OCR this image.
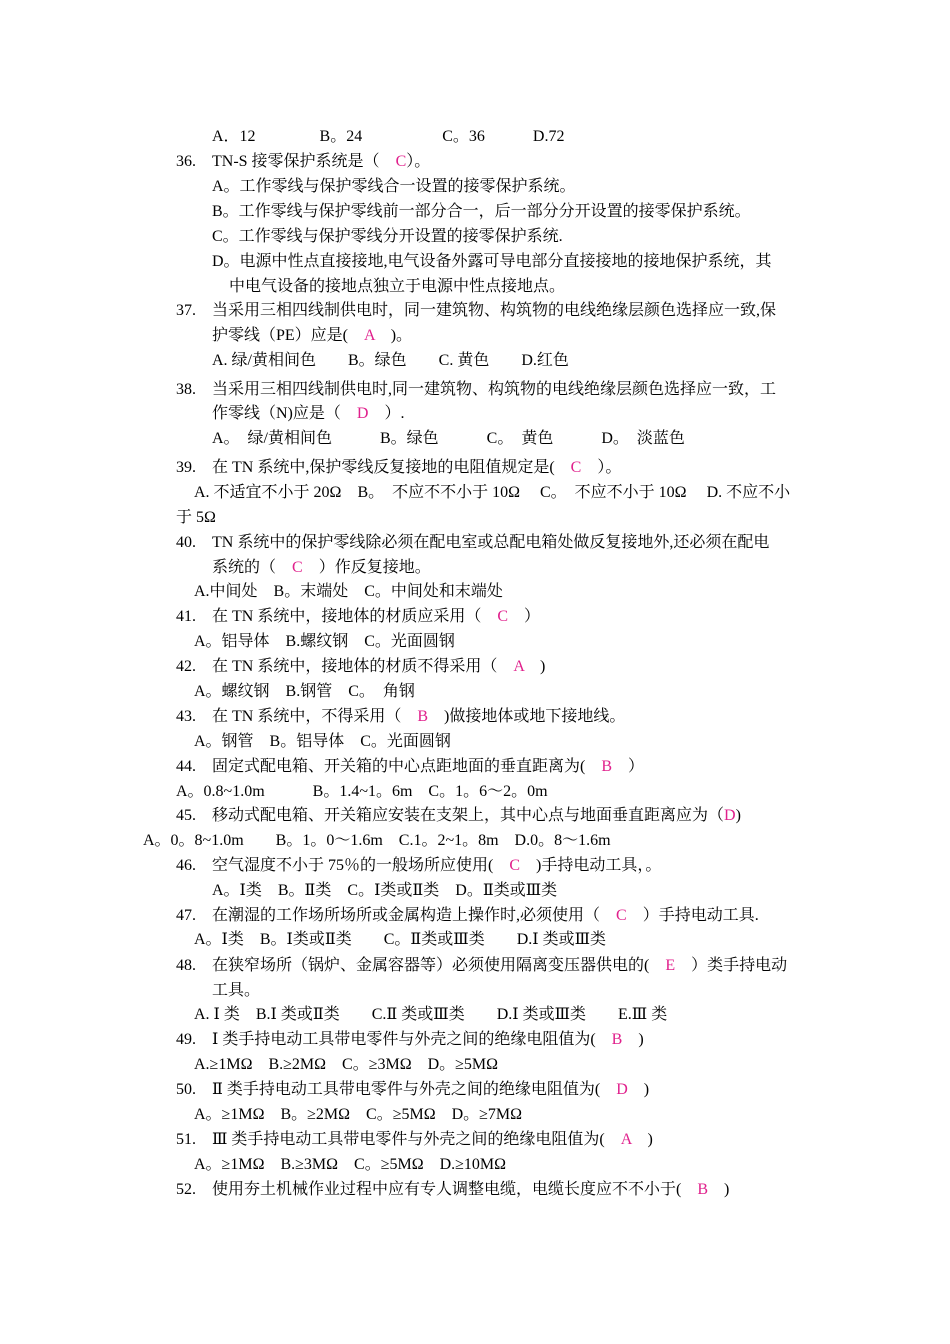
A．12　　　　B。24　　　　　C。36　　　D.72
36.　TN-S 接零保护系统是（　C）。
A。工作零线与保护零线合一设置的接零保护系统。
B。工作零线与保护零线前一部分合一，后一部分分开设置的接零保护系统。
C。工作零线与保护零线分开设置的接零保护系统.
D。电源中性点直接接地,电气设备外露可导电部分直接接地的接地保护系统，其
中电气设备的接地点独立于电源中性点接地点。
37.　当采用三相四线制供电时，同一建筑物、构筑物的电线绝缘层颜色选择应一致,保
护零线（PE）应是(　A　)。
A. 绿/黄相间色　　B。绿色　　C. 黄色　　D.红色
38.　当采用三相四线制供电时,同一建筑物、构筑物的电线绝缘层颜色选择应一致，工
作零线（N)应是（　D　）.
A。　绿/黄相间色　　　B。绿色　　　C。　黄色　　　D。　淡蓝色
39.　在 TN 系统中,保护零线反复接地的电阻值规定是(　C　）。
A. 不适宜不小于 20Ω　B。　不应不不小于 10Ω　 C。　不应不小于 10Ω　 D. 不应不小
于 5Ω
40.　TN 系统中的保护零线除必须在配电室或总配电箱处做反复接地外,还必须在配电
系统的（　C　）作反复接地。
A.中间处　B。末端处　C。中间处和末端处
41.　在 TN 系统中，接地体的材质应采用（　C　）
A。铝导体　B.螺纹钢　C。光面圆钢
42.　在 TN 系统中，接地体的材质不得采用（　A　)
A。螺纹钢　B.钢管　C。　角钢
43.　在 TN 系统中，不得采用（　B　)做接地体或地下接地线。
A。钢管　B。铝导体　C。光面圆钢
44.　固定式配电箱、开关箱的中心点距地面的垂直距离为(　B　）
A。0.8~1.0m　　　B。1.4~1。6m　C。1。6～2。0m
45.　移动式配电箱、开关箱应安装在支架上，其中心点与地面垂直距离应为（D)
A。0。8~1.0m　　B。1。0～1.6m　C.1。2~1。8m　D.0。8～1.6m
46.　空气湿度不小于 75％的一般场所应使用(　C　)手持电动工具，。
A。Ⅰ类　B。Ⅱ类　C。Ⅰ类或Ⅱ类　D。Ⅱ类或Ⅲ类
47.　在潮湿的工作场所场所或金属构造上操作时,必须使用（　C　）手持电动工具.
A。Ⅰ类　B。Ⅰ类或Ⅱ类　　C。Ⅱ类或Ⅲ类　　D.Ⅰ 类或Ⅲ类
48.　在狭窄场所（锅炉、金属容器等）必须使用隔离变压器供电的(　E　）类手持电动
工具。
A. Ⅰ 类　B.Ⅰ 类或Ⅱ类　　C.Ⅱ 类或Ⅲ类　　D.Ⅰ 类或Ⅲ类　　E.Ⅲ 类
49.　Ⅰ 类手持电动工具带电零件与外壳之间的绝缘电阻值为(　B　)
A.≥1MΩ　B.≥2MΩ　C。≥3MΩ　D。≥5MΩ
50.　Ⅱ 类手持电动工具带电零件与外壳之间的绝缘电阻值为(　D　)
A。≥1MΩ　B。≥2MΩ　C。≥5MΩ　D。≥7MΩ
51.　Ⅲ 类手持电动工具带电零件与外壳之间的绝缘电阻值为(　A　)
A。≥1MΩ　B.≥3MΩ　C。≥5MΩ　D.≥10MΩ
52.　使用夯土机械作业过程中应有专人调整电缆，电缆长度应不不小于(　B　)
